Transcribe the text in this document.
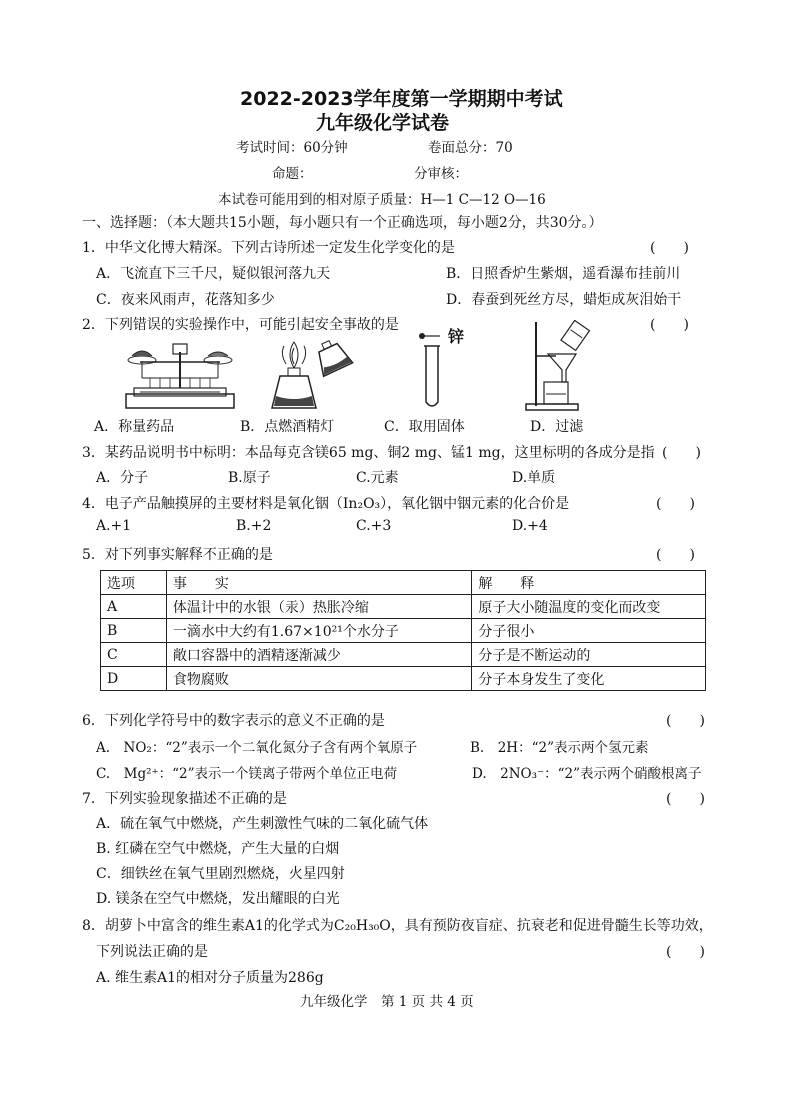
2022-2023学年度第一学期期中考试
九年级化学试卷
考试时间：60分钟	卷面总分：70
命题：	分审核：
本试卷可能用到的相对原子质量：H—1 C—12 O—16
一、选择题：（本大题共15小题，每小题只有一个正确选项，每小题2分，共30分。）
1．中华文化博大精深。下列古诗所述一定发生化学变化的是	(　　)
A．飞流直下三千尺，疑似银河落九天	B．日照香炉生紫烟，遥看瀑布挂前川
C．夜来风雨声，花落知多少	D．春蚕到死丝方尽，蜡炬成灰泪始干
2．下列错误的实验操作中，可能引起安全事故的是	(　　)
锌
A．称量药品	B．点燃酒精灯	C．取用固体	D．过滤
3．某药品说明书中标明：本品每克含镁65 mg、铜2 mg、锰1 mg，这里标明的各成分是指 (　　)
A．分子	B.原子	C.元素	D.单质
4．电子产品触摸屏的主要材料是氧化铟（In₂O₃），氧化铟中铟元素的化合价是	(　　)
A.+1	B.+2	C.+3	D.+4
5．对下列事实解释不正确的是	(　　)
选项	事　　实	解　　释
A	体温计中的水银（汞）热胀冷缩	原子大小随温度的变化而改变
B	一滴水中大约有1.67×10²¹个水分子	分子很小
C	敞口容器中的酒精逐渐减少	分子是不断运动的
D	食物腐败	分子本身发生了变化
6．下列化学符号中的数字表示的意义不正确的是	(　　)
A.　NO₂：“2”表示一个二氧化氮分子含有两个氧原子	B.　2H：“2”表示两个氢元素
C.　Mg²⁺：“2”表示一个镁离子带两个单位正电荷	D.　2NO₃⁻：“2”表示两个硝酸根离子
7．下列实验现象描述不正确的是	(　　)
A．硫在氧气中燃烧，产生刺激性气味的二氧化硫气体
B. 红磷在空气中燃烧，产生大量的白烟
C．细铁丝在氧气里剧烈燃烧，火星四射
D. 镁条在空气中燃烧，发出耀眼的白光
8．胡萝卜中富含的维生素A1的化学式为C₂₀H₃₀O，具有预防夜盲症、抗衰老和促进骨髓生长等功效，
下列说法正确的是	(　　)
A. 维生素A1的相对分子质量为286g
九年级化学　第 1 页 共 4 页
